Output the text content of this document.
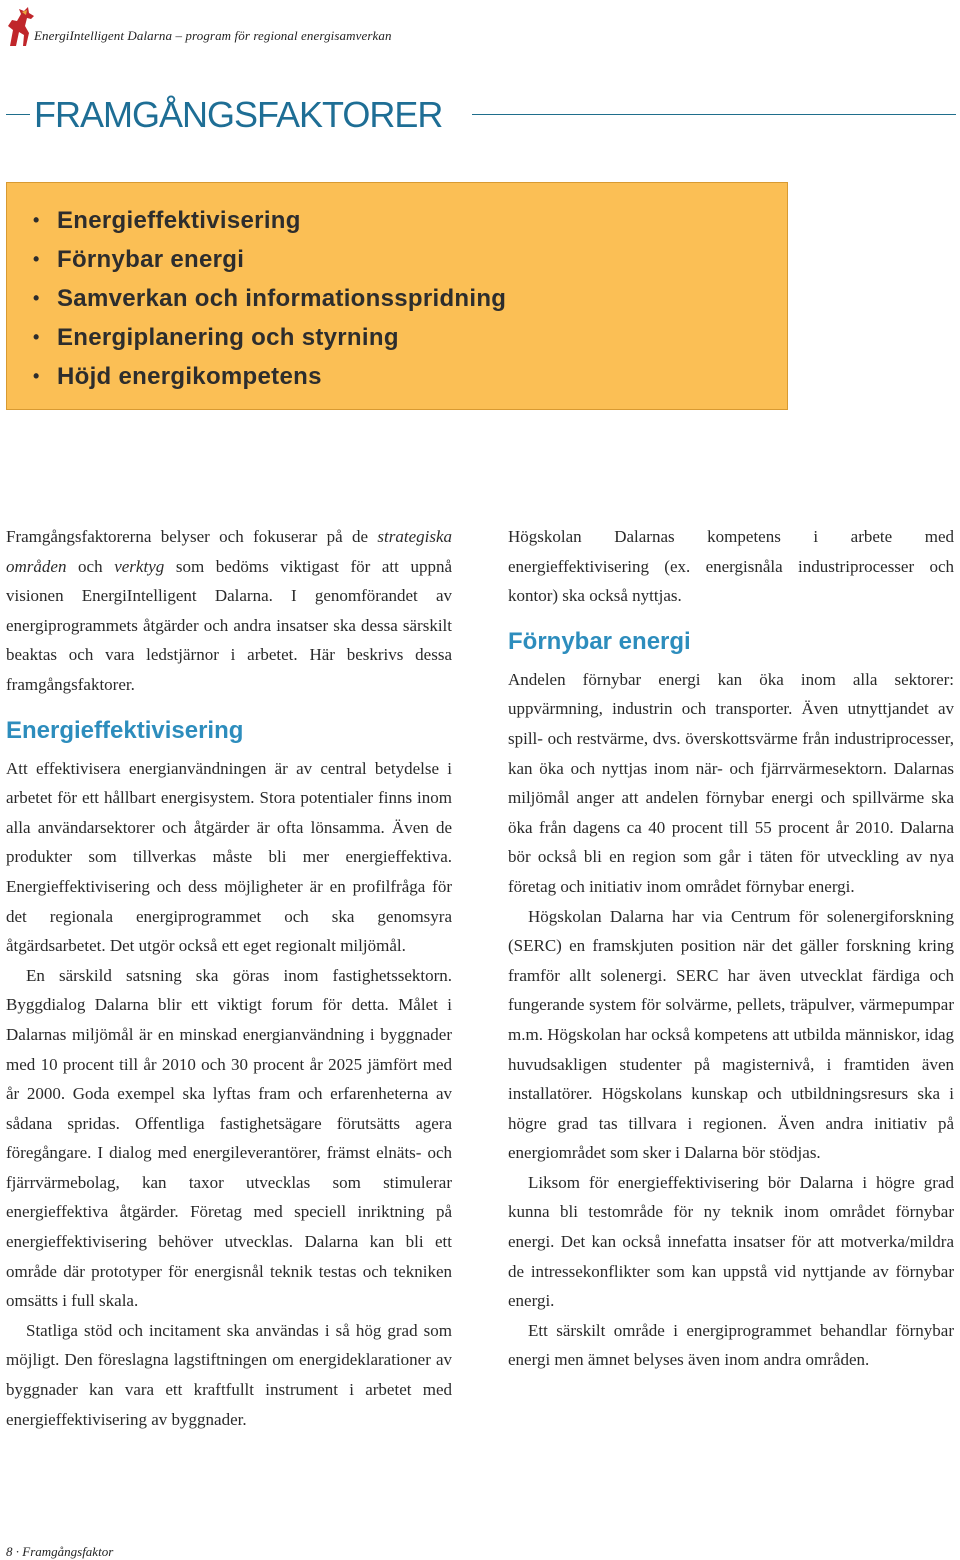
EnergiIntelligent Dalarna – program för regional energisamverkan
FRAMGÅNGSFAKTORER
• Energieffektivisering
• Förnybar energi
• Samverkan och informationsspridning
• Energiplanering och styrning
• Höjd energikompetens

Framgångsfaktorerna belyser och fokuserar på de strategiska områden och verktyg som bedöms viktigast för att uppnå visionen EnergiIntelligent Dalarna. I genomförandet av energiprogrammets åtgärder och andra insatser ska dessa särskilt beaktas och vara ledstjärnor i arbetet. Här beskrivs dessa framgångsfaktorer.

Energieffektivisering

Att effektivisera energianvändningen är av central betydelse i arbetet för ett hållbart energisystem. Stora potentialer finns inom alla användarsektorer och åtgärder är ofta lönsamma. Även de produkter som tillverkas måste bli mer energieffektiva. Energieffektivisering och dess möjligheter är en profilfråga för det regionala energiprogrammet och ska genomsyra åtgärdsarbetet. Det utgör också ett eget regionalt miljömål.

En särskild satsning ska göras inom fastighetssektorn. Byggdialog Dalarna blir ett viktigt forum för detta. Målet i Dalarnas miljömål är en minskad energianvändning i byggnader med 10 procent till år 2010 och 30 procent år 2025 jämfört med år 2000. Goda exempel ska lyftas fram och erfarenheterna av sådana spridas. Offentliga fastighetsägare förutsätts agera föregångare. I dialog med energileverantörer, främst elnäts- och fjärrvärmebolag, kan taxor utvecklas som stimulerar energieffektiva åtgärder. Företag med speciell inriktning på energieffektivisering behöver utvecklas. Dalarna kan bli ett område där prototyper för energisnål teknik testas och tekniken omsätts i full skala.

Statliga stöd och incitament ska användas i så hög grad som möjligt. Den föreslagna lagstiftningen om energideklarationer av byggnader kan vara ett kraftfullt instrument i arbetet med energieffektivisering av byggnader.

Högskolan Dalarnas kompetens i arbete med energieffektivisering (ex. energisnåla industriprocesser och kontor) ska också nyttjas.

Förnybar energi

Andelen förnybar energi kan öka inom alla sektorer: uppvärmning, industrin och transporter. Även utnyttjandet av spill- och restvärme, dvs. överskottsvärme från industriprocesser, kan öka och nyttjas inom när- och fjärrvärmesektorn. Dalarnas miljömål anger att andelen förnybar energi och spillvärme ska öka från dagens ca 40 procent till 55 procent år 2010. Dalarna bör också bli en region som går i täten för utveckling av nya företag och initiativ inom området förnybar energi.

Högskolan Dalarna har via Centrum för solenergiforskning (SERC) en framskjuten position när det gäller forskning kring framför allt solenergi. SERC har även utvecklat färdiga och fungerande system för solvärme, pellets, träpulver, värmepumpar m.m. Högskolan har också kompetens att utbilda människor, idag huvudsakligen studenter på magisternivå, i framtiden även installatörer. Högskolans kunskap och utbildningsresurs ska i högre grad tas tillvara i regionen. Även andra initiativ på energiområdet som sker i Dalarna bör stödjas.

Liksom för energieffektivisering bör Dalarna i högre grad kunna bli testområde för ny teknik inom området förnybar energi. Det kan också innefatta insatser för att motverka/mildra de intressekonflikter som kan uppstå vid nyttjande av förnybar energi.

Ett särskilt område i energiprogrammet behandlar förnybar energi men ämnet belyses även inom andra områden.

8 · Framgångsfaktor
